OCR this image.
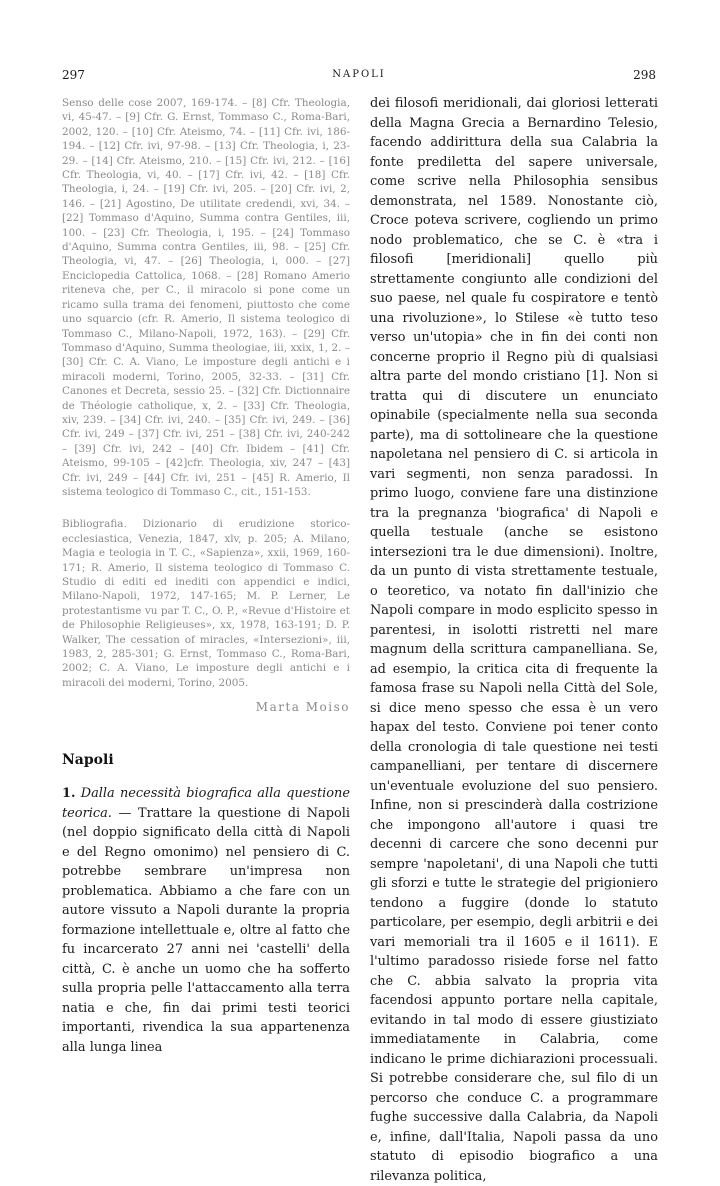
297	NAPOLI	298

Senso delle cose 2007, 169-174. – [8] Cfr. Theologia, vi, 45-47. – [9] Cfr. G. Ernst, Tommaso C., Roma-Bari, 2002, 120. – [10] Cfr. Ateismo, 74. – [11] Cfr. ivi, 186-194. – [12] Cfr. ivi, 97-98. – [13] Cfr. Theologia, i, 23-29. – [14] Cfr. Ateismo, 210. – [15] Cfr. ivi, 212. – [16] Cfr. Theologia, vi, 40. – [17] Cfr. ivi, 42. – [18] Cfr. Theologia, i, 24. – [19] Cfr. ivi, 205. – [20] Cfr. ivi, 2, 146. – [21] Agostino, De utilitate credendi, xvi, 34. – [22] Tommaso d'Aquino, Summa contra Gentiles, iii, 100. – [23] Cfr. Theologia, i, 195. – [24] Tommaso d'Aquino, Summa contra Gentiles, iii, 98. – [25] Cfr. Theologia, vi, 47. – [26] Theologia, i, 000. – [27] Enciclopedia Cattolica, 1068. – [28] Romano Amerio riteneva che, per C., il miracolo si pone come un ricamo sulla trama dei fenomeni, piuttosto che come uno squarcio (cfr. R. Amerio, Il sistema teologico di Tommaso C., Milano-Napoli, 1972, 163). – [29] Cfr. Tommaso d'Aquino, Summa theologiae, iii, xxix, 1, 2. – [30] Cfr. C. A. Viano, Le imposture degli antichi e i miracoli moderni, Torino, 2005, 32-33. – [31] Cfr. Canones et Decreta, sessio 25. – [32] Cfr. Dictionnaire de Théologie catholique, x, 2. – [33] Cfr. Theologia, xiv, 239. – [34] Cfr. ivi, 240. – [35] Cfr. ivi, 249. – [36] Cfr. ivi, 249 – [37] Cfr. ivi, 251 – [38] Cfr. ivi, 240-242 – [39] Cfr. ivi, 242 – [40] Cfr. Ibidem – [41] Cfr. Ateismo, 99-105 – [42]cfr. Theologia, xiv, 247 – [43] Cfr. ivi, 249 – [44] Cfr. ivi, 251 – [45] R. Amerio, Il sistema teologico di Tommaso C., cit., 151-153.

Bibliografia. Dizionario di erudizione storico-ecclesiastica, Venezia, 1847, xlv, p. 205; A. Milano, Magia e teologia in T. C., «Sapienza», xxii, 1969, 160-171; R. Amerio, Il sistema teologico di Tommaso C. Studio di editi ed inediti con appendici e indici, Milano-Napoli, 1972, 147-165; M. P. Lerner, Le protestantisme vu par T. C., O. P., «Revue d'Histoire et de Philosophie Religieuses», xx, 1978, 163-191; D. P. Walker, The cessation of miracles, «Intersezioni», iii, 1983, 2, 285-301; G. Ernst, Tommaso C., Roma-Bari, 2002; C. A. Viano, Le imposture degli antichi e i miracoli dei moderni, Torino, 2005.

Marta Moiso

Napoli

1. Dalla necessità biografica alla questione teorica. — Trattare la questione di Napoli (nel doppio significato della città di Napoli e del Regno omonimo) nel pensiero di C. potrebbe sembrare un'impresa non problematica. Abbiamo a che fare con un autore vissuto a Napoli durante la propria formazione intellettuale e, oltre al fatto che fu incarcerato 27 anni nei 'castelli' della città, C. è anche un uomo che ha sofferto sulla propria pelle l'attaccamento alla terra natia e che, fin dai primi testi teorici importanti, rivendica la sua appartenenza alla lunga linea

dei filosofi meridionali, dai gloriosi letterati della Magna Grecia a Bernardino Telesio, facendo addirittura della sua Calabria la fonte prediletta del sapere universale, come scrive nella Philosophia sensibus demonstrata, nel 1589. Nonostante ciò, Croce poteva scrivere, cogliendo un primo nodo problematico, che se C. è «tra i filosofi [meridionali] quello più strettamente congiunto alle condizioni del suo paese, nel quale fu cospiratore e tentò una rivoluzione», lo Stilese «è tutto teso verso un'utopia» che in fin dei conti non concerne proprio il Regno più di qualsiasi altra parte del mondo cristiano [1]. Non si tratta qui di discutere un enunciato opinabile (specialmente nella sua seconda parte), ma di sottolineare che la questione napoletana nel pensiero di C. si articola in vari segmenti, non senza paradossi. In primo luogo, conviene fare una distinzione tra la pregnanza 'biografica' di Napoli e quella testuale (anche se esistono intersezioni tra le due dimensioni). Inoltre, da un punto di vista strettamente testuale, o teoretico, va notato fin dall'inizio che Napoli compare in modo esplicito spesso in parentesi, in isolotti ristretti nel mare magnum della scrittura campanelliana. Se, ad esempio, la critica cita di frequente la famosa frase su Napoli nella Città del Sole, si dice meno spesso che essa è un vero hapax del testo. Conviene poi tener conto della cronologia di tale questione nei testi campanelliani, per tentare di discernere un'eventuale evoluzione del suo pensiero. Infine, non si prescinderà dalla costrizione che impongono all'autore i quasi tre decenni di carcere che sono decenni pur sempre 'napoletani', di una Napoli che tutti gli sforzi e tutte le strategie del prigioniero tendono a fuggire (donde lo statuto particolare, per esempio, degli arbitrii e dei vari memoriali tra il 1605 e il 1611). E l'ultimo paradosso risiede forse nel fatto che C. abbia salvato la propria vita facendosi appunto portare nella capitale, evitando in tal modo di essere giustiziato immediatamente in Calabria, come indicano le prime dichiarazioni processuali. Si potrebbe considerare che, sul filo di un percorso che conduce C. a programmare fughe successive dalla Calabria, da Napoli e, infine, dall'Italia, Napoli passa da uno statuto di episodio biografico a una rilevanza politica,
